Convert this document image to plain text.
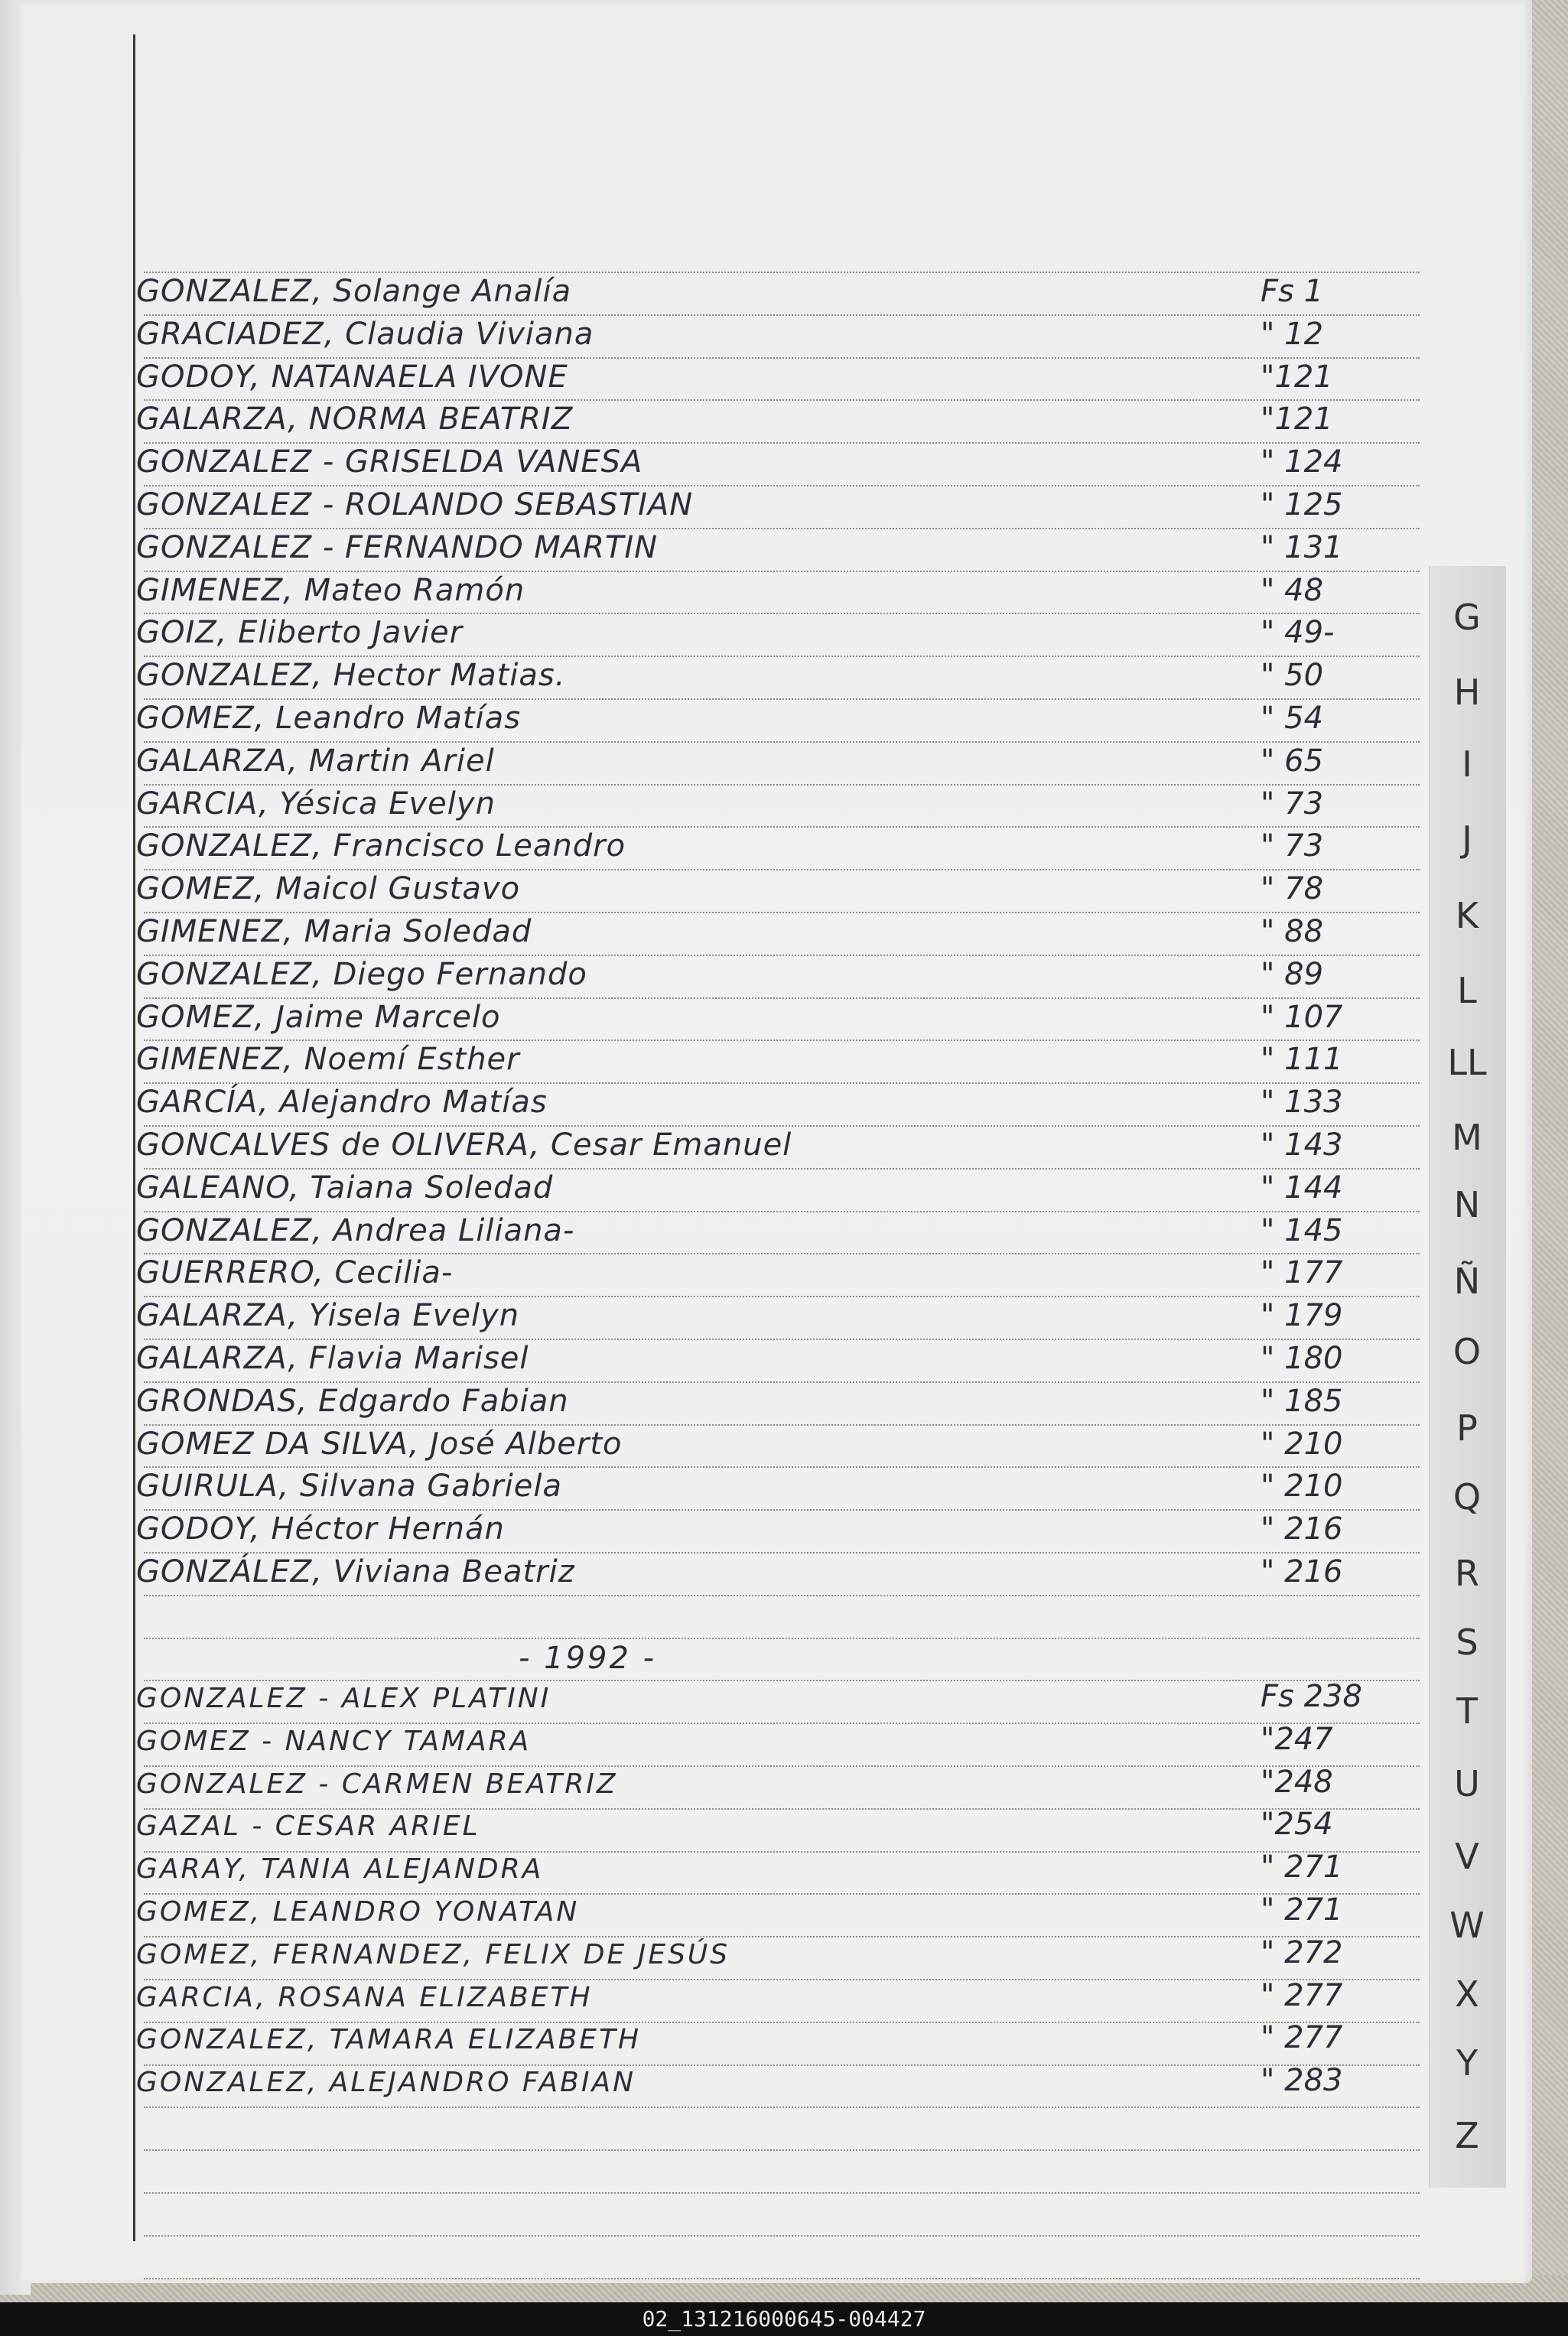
GONZALEZ, Solange Analía	Fs 1
GRACIADEZ, Claudia Viviana	" 12
GODOY, NATANAELA IVONE	"121
GALARZA, NORMA BEATRIZ	"121
GONZALEZ - GRISELDA VANESA	" 124
GONZALEZ - ROLANDO SEBASTIAN	" 125
GONZALEZ - FERNANDO MARTIN	" 131
GIMENEZ, Mateo Ramón	" 48
GOIZ, Eliberto Javier	" 49-
GONZALEZ, Hector Matias.	" 50
GOMEZ, Leandro Matías	" 54
GALARZA, Martin Ariel	" 65
GARCIA, Yésica Evelyn	" 73
GONZALEZ, Francisco Leandro	" 73
GOMEZ, Maicol Gustavo	" 78
GIMENEZ, Maria Soledad	" 88
GONZALEZ, Diego Fernando	" 89
GOMEZ, Jaime Marcelo	" 107
GIMENEZ, Noemí Esther	" 111
GARCÍA, Alejandro Matías	" 133
GONCALVES de OLIVERA, Cesar Emanuel	" 143
GALEANO, Taiana Soledad	" 144
GONZALEZ, Andrea Liliana-	" 145
GUERRERO, Cecilia-	" 177
GALARZA, Yisela Evelyn	" 179
GALARZA, Flavia Marisel	" 180
GRONDAS, Edgardo Fabian	" 185
GOMEZ DA SILVA, José Alberto	" 210
GUIRULA, Silvana Gabriela	" 210
GODOY, Héctor Hernán	" 216
GONZÁLEZ, Viviana Beatriz	" 216
- 1992 -
GONZALEZ - ALEX PLATINI	Fs 238
GOMEZ - NANCY TAMARA	"247
GONZALEZ - CARMEN BEATRIZ	"248
GAZAL - CESAR ARIEL	"254
GARAY, TANIA ALEJANDRA	" 271
GOMEZ, LEANDRO YONATAN	" 271
GOMEZ, FERNANDEZ, FELIX DE JESÚS	" 272
GARCIA, ROSANA ELIZABETH	" 277
GONZALEZ, TAMARA ELIZABETH	" 277
GONZALEZ, ALEJANDRO FABIAN	" 283
G
H
I
J
K
L
LL
M
N
Ñ
O
P
Q
R
S
T
U
V
W
X
Y
Z
02_131216000645-004427
